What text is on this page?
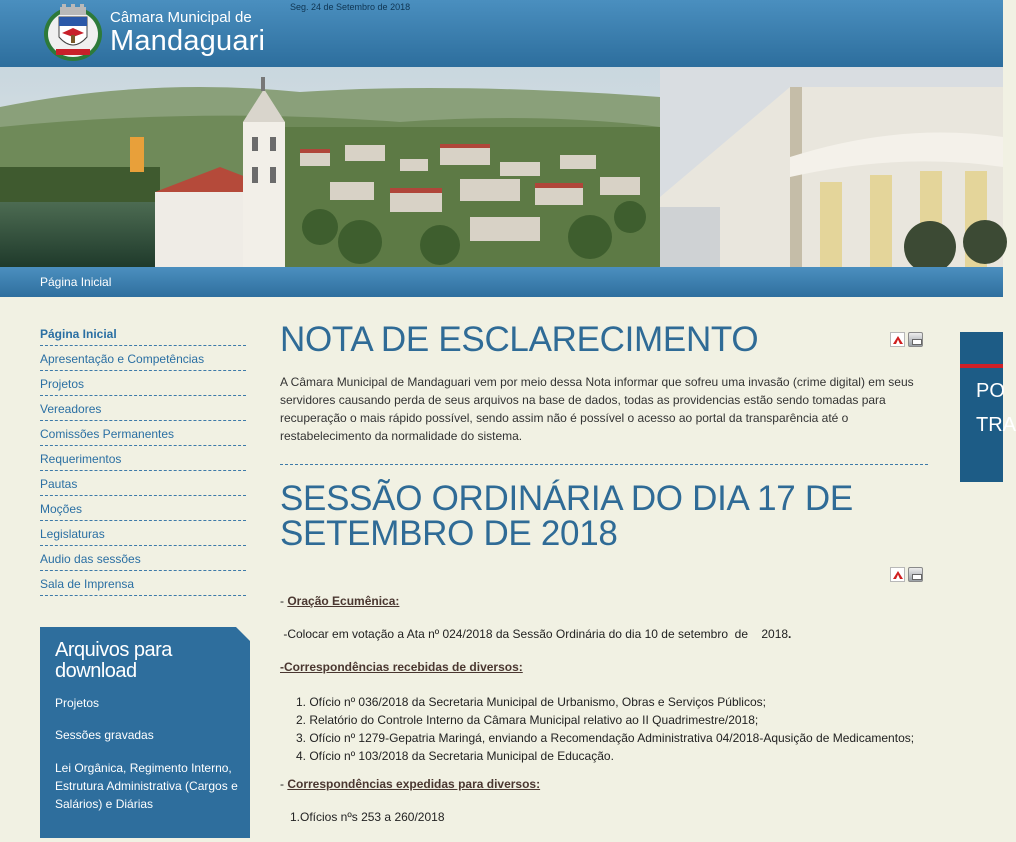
Câmara Municipal de
Mandaguari
Seg. 24 de Setembro de 2018
Página Inicial
Página Inicial
Apresentação e Competências
Projetos
Vereadores
Comissões Permanentes
Requerimentos
Pautas
Moções
Legislaturas
Audio das sessões
Sala de Imprensa
Arquivos para download
Projetos
Sessões gravadas
Lei Orgânica, Regimento Interno, Estrutura Administrativa (Cargos e Salários) e Diárias
NOTA DE ESCLARECIMENTO

A Câmara Municipal de Mandaguari vem por meio dessa Nota informar que sofreu uma invasão (crime digital) em seus servidores causando perda de seus arquivos na base de dados, todas as providencias estão sendo tomadas para recuperação o mais rápido possível, sendo assim não é possível o acesso ao portal da transparência até o restabelecimento da normalidade do sistema.

SESSÃO ORDINÁRIA DO DIA 17 DE SETEMBRO DE 2018
- Oração Ecumênica:
-Colocar em votação a Ata nº 024/2018 da Sessão Ordinária do dia 10 de setembro  de    2018.
-Correspondências recebidas de diversos:
1. Ofício nº 036/2018 da Secretaria Municipal de Urbanismo, Obras e Serviços Públicos;
2. Relatório do Controle Interno da Câmara Municipal relativo ao II Quadrimestre/2018;
3. Ofício nº 1279-Gepatria Maringá, enviando a Recomendação Administrativa 04/2018-Aqusição de Medicamentos;
4. Ofício nº 103/2018 da Secretaria Municipal de Educação.
- Correspondências expedidas para diversos:
1.Ofícios nºs 253 a 260/2018
PO
TRA
